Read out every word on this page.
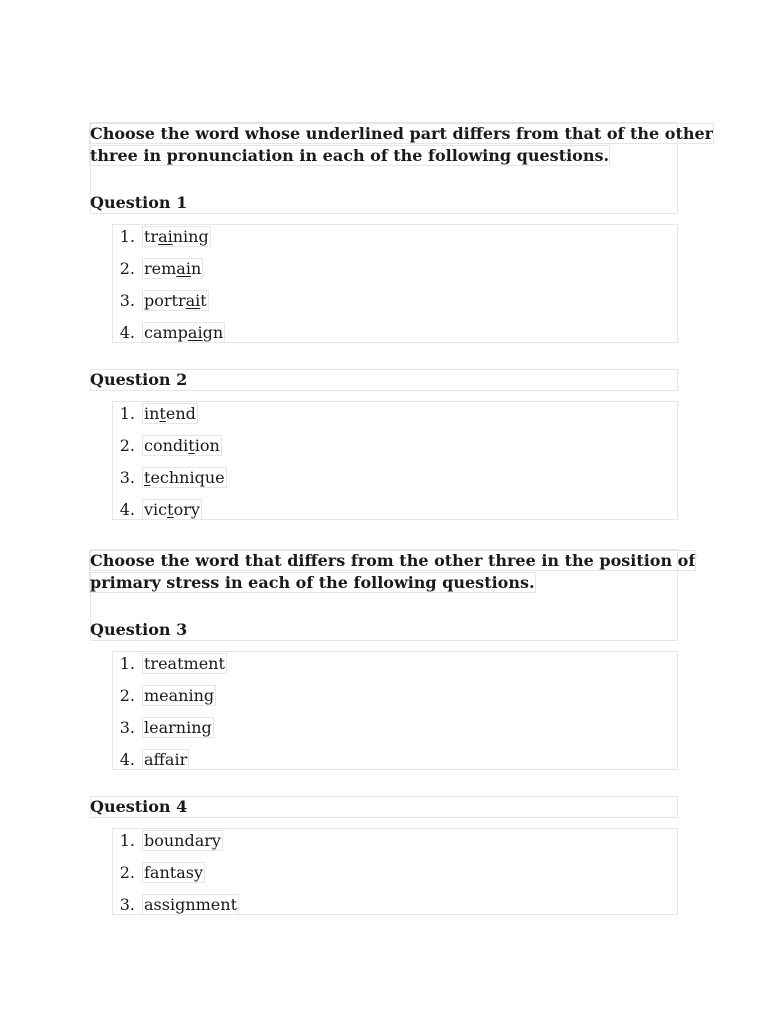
Choose the word whose underlined part differs from that of the other
three in pronunciation in each of the following questions.
Question 1
1. training
2. remain
3. portrait
4. campaign
Question 2
1. intend
2. condition
3. technique
4. victory
Choose the word that differs from the other three in the position of
primary stress in each of the following questions.
Question 3
1. treatment
2. meaning
3. learning
4. affair
Question 4
1. boundary
2. fantasy
3. assignment
